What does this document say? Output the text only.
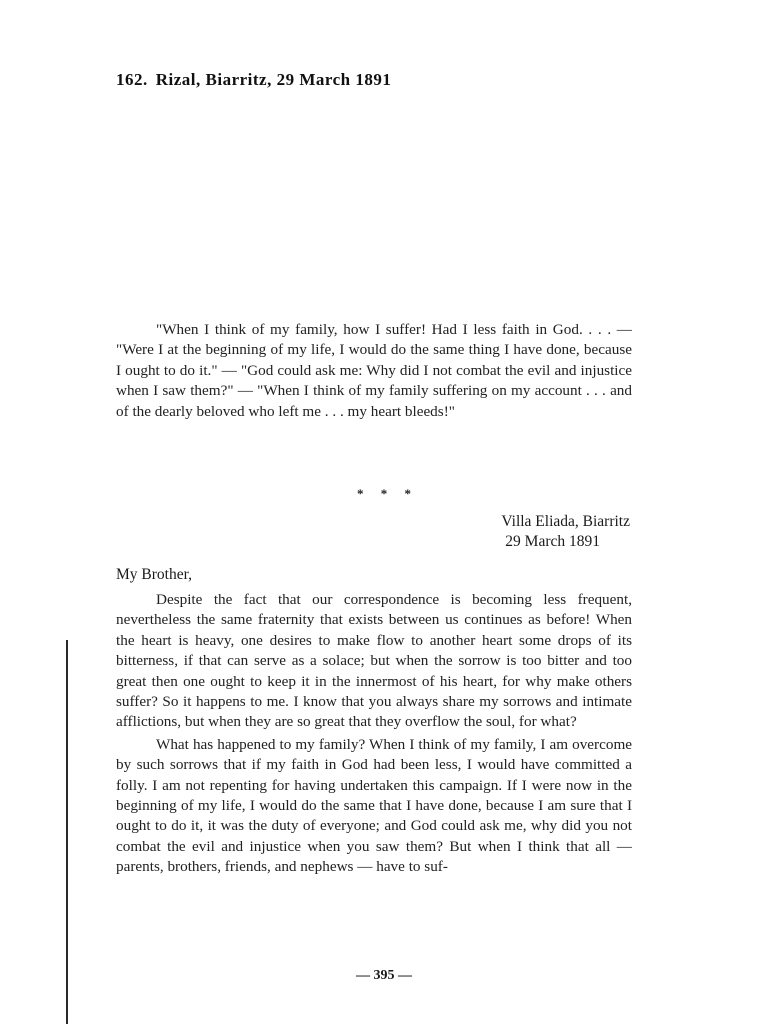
162. Rizal, Biarritz, 29 March 1891

"When I think of my family, how I suffer! Had I less faith in God. . . . — "Were I at the beginning of my life, I would do the same thing I have done, because I ought to do it." — "God could ask me: Why did I not combat the evil and injustice when I saw them?" — "When I think of my family suffering on my account . . . and of the dearly beloved who left me . . . my heart bleeds!"

* * *
Villa Eliada, Biarritz
29 March 1891
My Brother,

Despite the fact that our correspondence is becoming less frequent, nevertheless the same fraternity that exists between us continues as before! When the heart is heavy, one desires to make flow to another heart some drops of its bitterness, if that can serve as a solace; but when the sorrow is too bitter and too great then one ought to keep it in the innermost of his heart, for why make others suffer? So it happens to me. I know that you always share my sorrows and intimate afflictions, but when they are so great that they overflow the soul, for what?

What has happened to my family? When I think of my family, I am overcome by such sorrows that if my faith in God had been less, I would have committed a folly. I am not repenting for having undertaken this campaign. If I were now in the beginning of my life, I would do the same that I have done, because I am sure that I ought to do it, it was the duty of everyone; and God could ask me, why did you not combat the evil and injustice when you saw them? But when I think that all — parents, brothers, friends, and nephews — have to suf-

— 395 —
